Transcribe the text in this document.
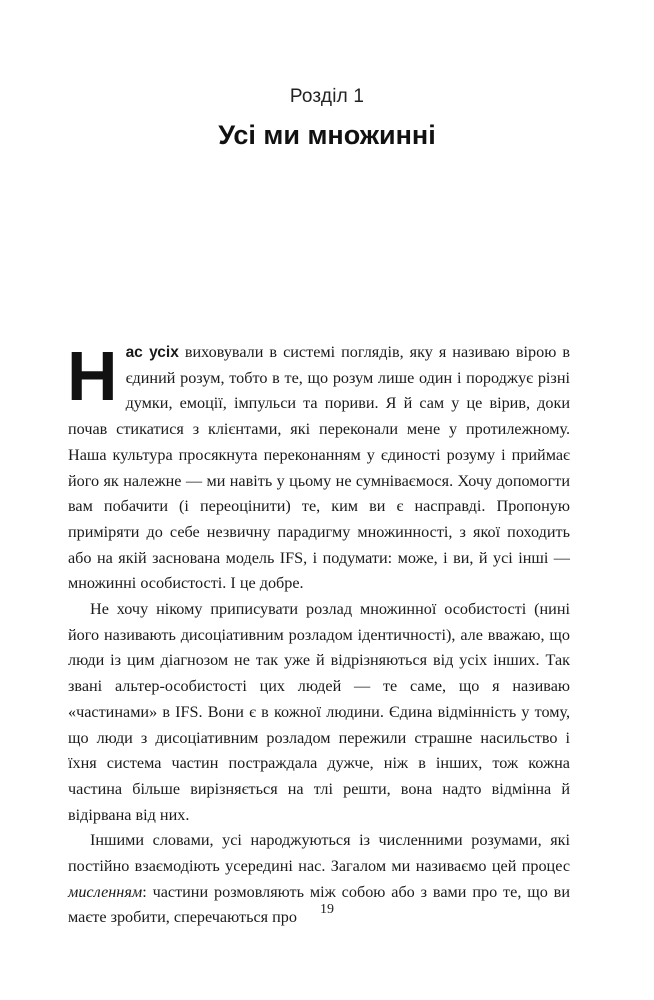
Розділ 1
Усі ми множинні

Нас усіх виховували в системі поглядів, яку я називаю вірою в єдиний розум, тобто в те, що розум лише один і породжує різні думки, емоції, імпульси та пориви. Я й сам у це вірив, доки почав стикатися з клієнтами, які переконали мене у протилежному. Наша культура просякнута переконанням у єдиності розуму і приймає його як належне — ми навіть у цьому не сумніваємося. Хочу допомогти вам побачити (і переоцінити) те, ким ви є насправді. Пропоную приміряти до себе незвичну парадигму множинності, з якої походить або на якій заснована модель IFS, і подумати: може, і ви, й усі інші — множинні особистості. І це добре.

Не хочу нікому приписувати розлад множинної особистості (нині його називають дисоціативним розладом ідентичності), але вважаю, що люди із цим діагнозом не так уже й відрізняються від усіх інших. Так звані альтер-особистості цих людей — те саме, що я називаю «частинами» в IFS. Вони є в кожної людини. Єдина відмінність у тому, що люди з дисоціативним розладом пережили страшне насильство і їхня система частин постраждала дужче, ніж в інших, тож кожна частина більше вирізняється на тлі решти, вона надто відмінна й відірвана від них.

Іншими словами, усі народжуються із численними розумами, які постійно взаємодіють усередині нас. Загалом ми називаємо цей процес мисленням: частини розмовляють між собою або з вами про те, що ви маєте зробити, сперечаються про	19
